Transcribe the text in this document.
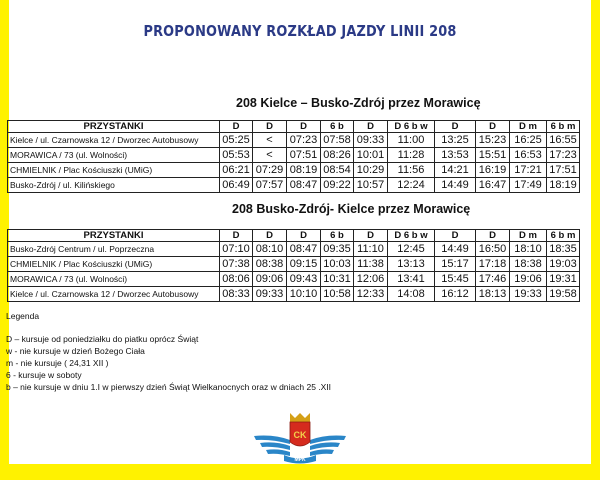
PROPONOWANY ROZKŁAD JAZDY LINII 208
208 Kielce – Busko-Zdrój przez Morawicę
PRZYSTANKI	D	D	D	6 b	D	D 6 b w	D	D	D m	6 b m
Kielce / ul. Czarnowska 12 / Dworzec Autobusowy	05:25	<	07:23	07:58	09:33	11:00	13:25	15:23	16:25	16:55
MORAWICA / 73 (ul. Wolności)	05:53	<	07:51	08:26	10:01	11:28	13:53	15:51	16:53	17:23
CHMIELNIK / Plac Kościuszki (UMiG)	06:21	07:29	08:19	08:54	10:29	11:56	14:21	16:19	17:21	17:51
Busko-Zdrój / ul. Kilińskiego	06:49	07:57	08:47	09:22	10:57	12:24	14:49	16:47	17:49	18:19
208 Busko-Zdrój- Kielce przez Morawicę
PRZYSTANKI	D	D	D	6 b	D	D 6 b w	D	D	D m	6 b m
Busko-Zdrój Centrum / ul. Poprzeczna	07:10	08:10	08:47	09:35	11:10	12:45	14:49	16:50	18:10	18:35
CHMIELNIK / Plac Kościuszki (UMiG)	07:38	08:38	09:15	10:03	11:38	13:13	15:17	17:18	18:38	19:03
MORAWICA / 73 (ul. Wolności)	08:06	09:06	09:43	10:31	12:06	13:41	15:45	17:46	19:06	19:31
Kielce / ul. Czarnowska 12 / Dworzec Autobusowy	08:33	09:33	10:10	10:58	12:33	14:08	16:12	18:13	19:33	19:58
Legenda
D – kursuje od poniedziałku do piatku oprócz Świąt
w - nie kursuje w dzień Bożego Ciała
m - nie kursuje ( 24,31 XII )
6 - kursuje w soboty
b – nie kursuje w dniu 1.I w pierwszy dzień Świąt Wielkanocnych oraz w dniach 25 .XII
CK
MPK
